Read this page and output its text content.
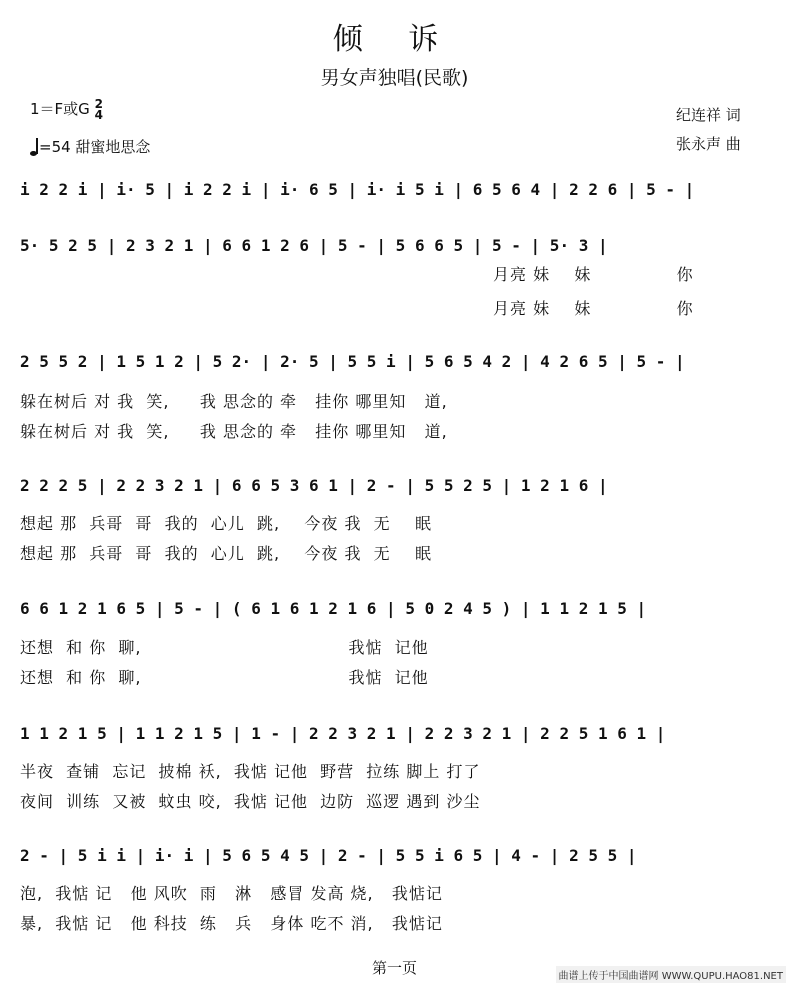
倾 诉
男女声独唱(民歌)
1＝F或G 2
4
=54 甜蜜地思念
纪连祥 词
张永声 曲
i 2 2 i | i· 5 | i 2 2 i | i· 6 5 | i· i 5 i | 6 5 6 4 | 2 2 6 | 5 - |
5· 5 2 5 | 2 3 2 1 | 6 6 1 2 6 | 5 - | 5 6 6 5 | 5 - | 5· 3 |
月亮 妹    妹              你
月亮 妹    妹              你
2 5 5 2 | 1 5 1 2 | 5 2· | 2· 5 | 5 5 i | 5 6 5 4 2 | 4 2 6 5 | 5 - |
躲在树后 对 我  笑,     我 思念的 牵   挂你 哪里知   道,
躲在树后 对 我  笑,     我 思念的 牵   挂你 哪里知   道,
2 2 2 5 | 2 2 3 2 1 | 6 6 5 3 6 1 | 2 - | 5 5 2 5 | 1 2 1 6 |
想起 那  兵哥  哥  我的  心儿  跳,    今夜 我  无    眠
想起 那  兵哥  哥  我的  心儿  跳,    今夜 我  无    眠
6 6 1 2 1 6 5 | 5 - | ( 6 1 6 1 2 1 6 | 5 0 2 4 5 ) | 1 1 2 1 5 |
还想  和 你  聊,                                  我惦  记他
还想  和 你  聊,                                  我惦  记他
1 1 2 1 5 | 1 1 2 1 5 | 1 - | 2 2 3 2 1 | 2 2 3 2 1 | 2 2 5 1 6 1 |
半夜  查铺  忘记  披棉 袄,  我惦 记他  野营  拉练 脚上 打了
夜间  训练  又被  蚊虫 咬,  我惦 记他  边防  巡逻 遇到 沙尘
2 - | 5 i i | i· i | 5 6 5 4 5 | 2 - | 5 5 i 6 5 | 4 - | 2 5 5 |
泡,  我惦 记   他 风吹  雨   淋   感冒 发高 烧,   我惦记
暴,  我惦 记   他 科技  练   兵   身体 吃不 消,   我惦记
第一页	曲谱上传于中国曲谱网 WWW.QUPU.HAO81.NET
